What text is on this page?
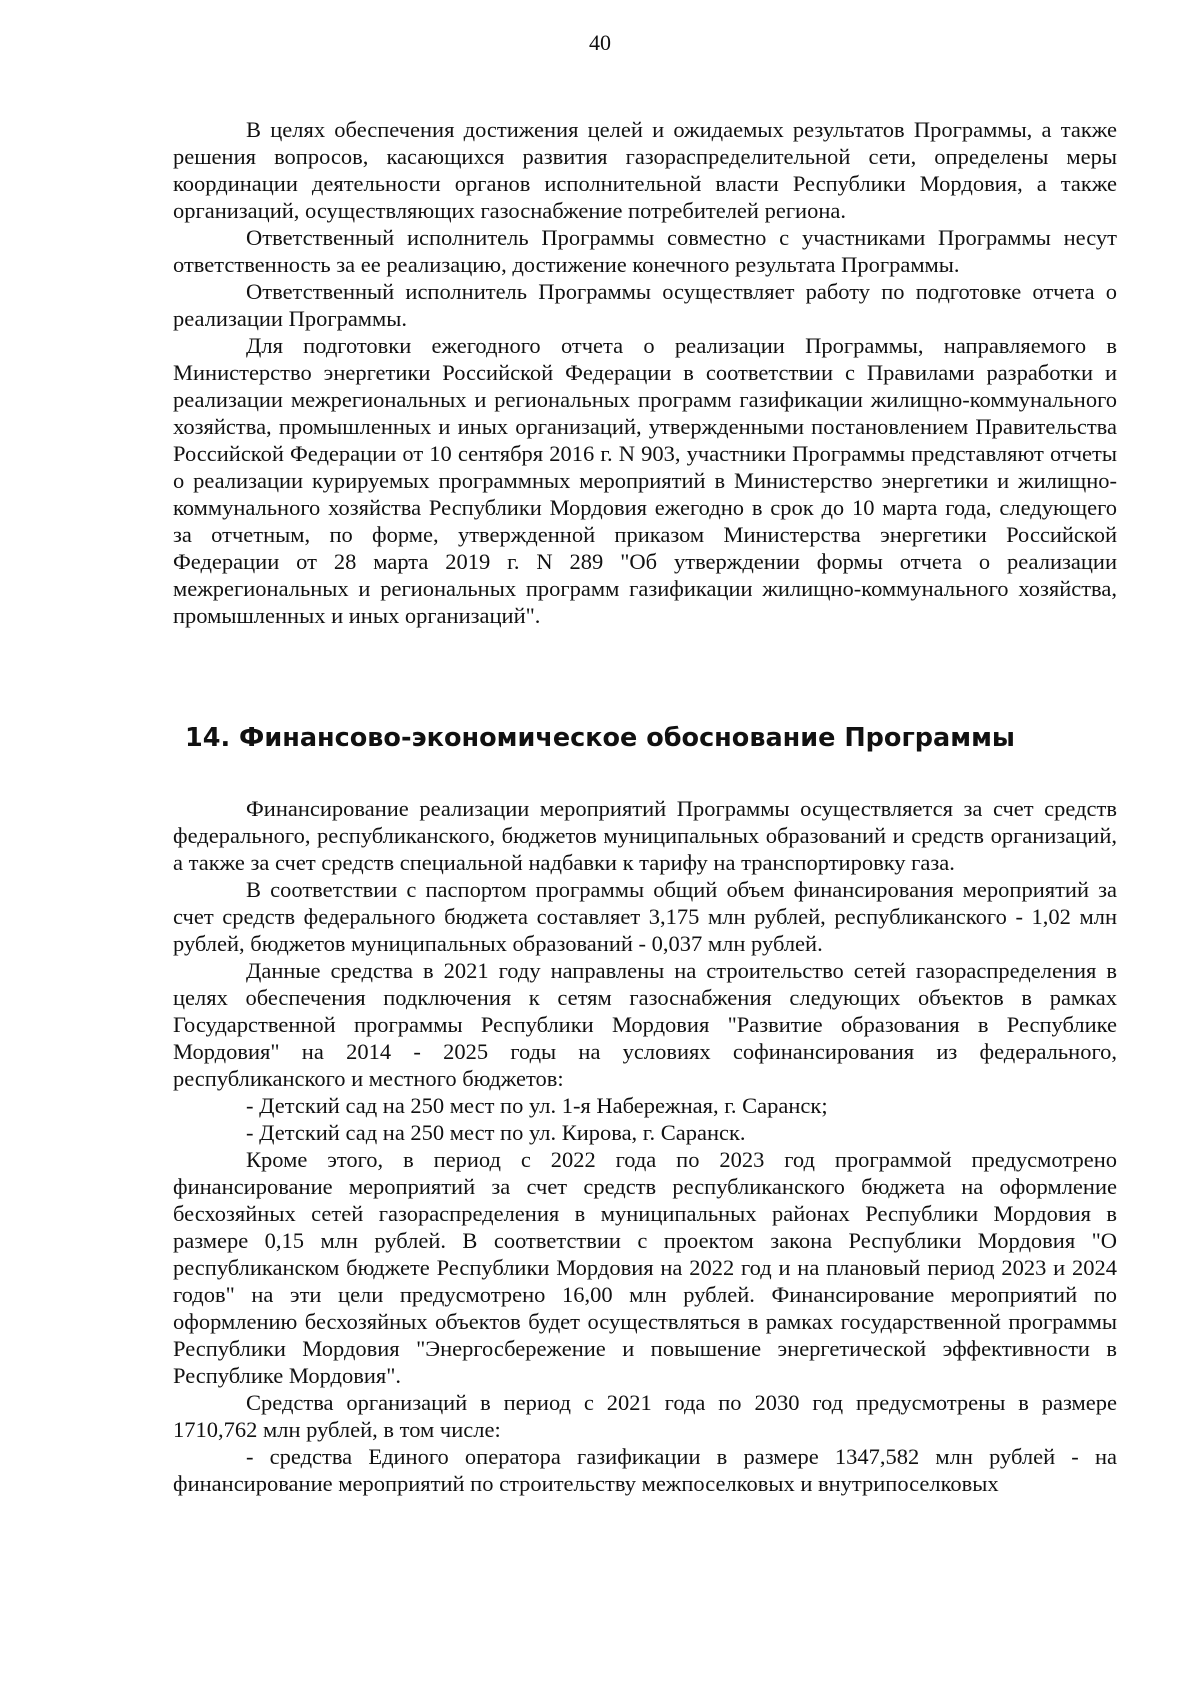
40

В целях обеспечения достижения целей и ожидаемых результатов Программы, а также решения вопросов, касающихся развития газораспределительной сети, определены меры координации деятельности органов исполнительной власти Республики Мордовия, а также организаций, осуществляющих газоснабжение потребителей региона.

Ответственный исполнитель Программы совместно с участниками Программы несут ответственность за ее реализацию, достижение конечного результата Программы.

Ответственный исполнитель Программы осуществляет работу по подготовке отчета о реализации Программы.

Для подготовки ежегодного отчета о реализации Программы, направляемого в Министерство энергетики Российской Федерации в соответствии с Правилами разработки и реализации межрегиональных и региональных программ газификации жилищно-коммунального хозяйства, промышленных и иных организаций, утвержденными постановлением Правительства Российской Федерации от 10 сентября 2016 г. N 903, участники Программы представляют отчеты о реализации курируемых программных мероприятий в Министерство энергетики и жилищно-коммунального хозяйства Республики Мордовия ежегодно в срок до 10 марта года, следующего за отчетным, по форме, утвержденной приказом Министерства энергетики Российской Федерации от 28 марта 2019 г. N 289 "Об утверждении формы отчета о реализации межрегиональных и региональных программ газификации жилищно-коммунального хозяйства, промышленных и иных организаций".

14. Финансово-экономическое обоснование Программы

Финансирование реализации мероприятий Программы осуществляется за счет средств федерального, республиканского, бюджетов муниципальных образований и средств организаций, а также за счет средств специальной надбавки к тарифу на транспортировку газа.

В соответствии с паспортом программы общий объем финансирования мероприятий за счет средств федерального бюджета составляет 3,175 млн рублей, республиканского - 1,02 млн рублей, бюджетов муниципальных образований - 0,037 млн рублей.

Данные средства в 2021 году направлены на строительство сетей газораспределения в целях обеспечения подключения к сетям газоснабжения следующих объектов в рамках Государственной программы Республики Мордовия "Развитие образования в Республике Мордовия" на 2014 - 2025 годы на условиях софинансирования из федерального, республиканского и местного бюджетов:

- Детский сад на 250 мест по ул. 1-я Набережная, г. Саранск;

- Детский сад на 250 мест по ул. Кирова, г. Саранск.

Кроме этого, в период с 2022 года по 2023 год программой предусмотрено финансирование мероприятий за счет средств республиканского бюджета на оформление бесхозяйных сетей газораспределения в муниципальных районах Республики Мордовия в размере 0,15 млн рублей. В соответствии с проектом закона Республики Мордовия "О республиканском бюджете Республики Мордовия на 2022 год и на плановый период 2023 и 2024 годов" на эти цели предусмотрено 16,00 млн рублей. Финансирование мероприятий по оформлению бесхозяйных объектов будет осуществляться в рамках государственной программы Республики Мордовия "Энергосбережение и повышение энергетической эффективности в Республике Мордовия".

Средства организаций в период с 2021 года по 2030 год предусмотрены в размере 1710,762 млн рублей, в том числе:

- средства Единого оператора газификации в размере 1347,582 млн рублей - на финансирование мероприятий по строительству межпоселковых и внутрипоселковых
